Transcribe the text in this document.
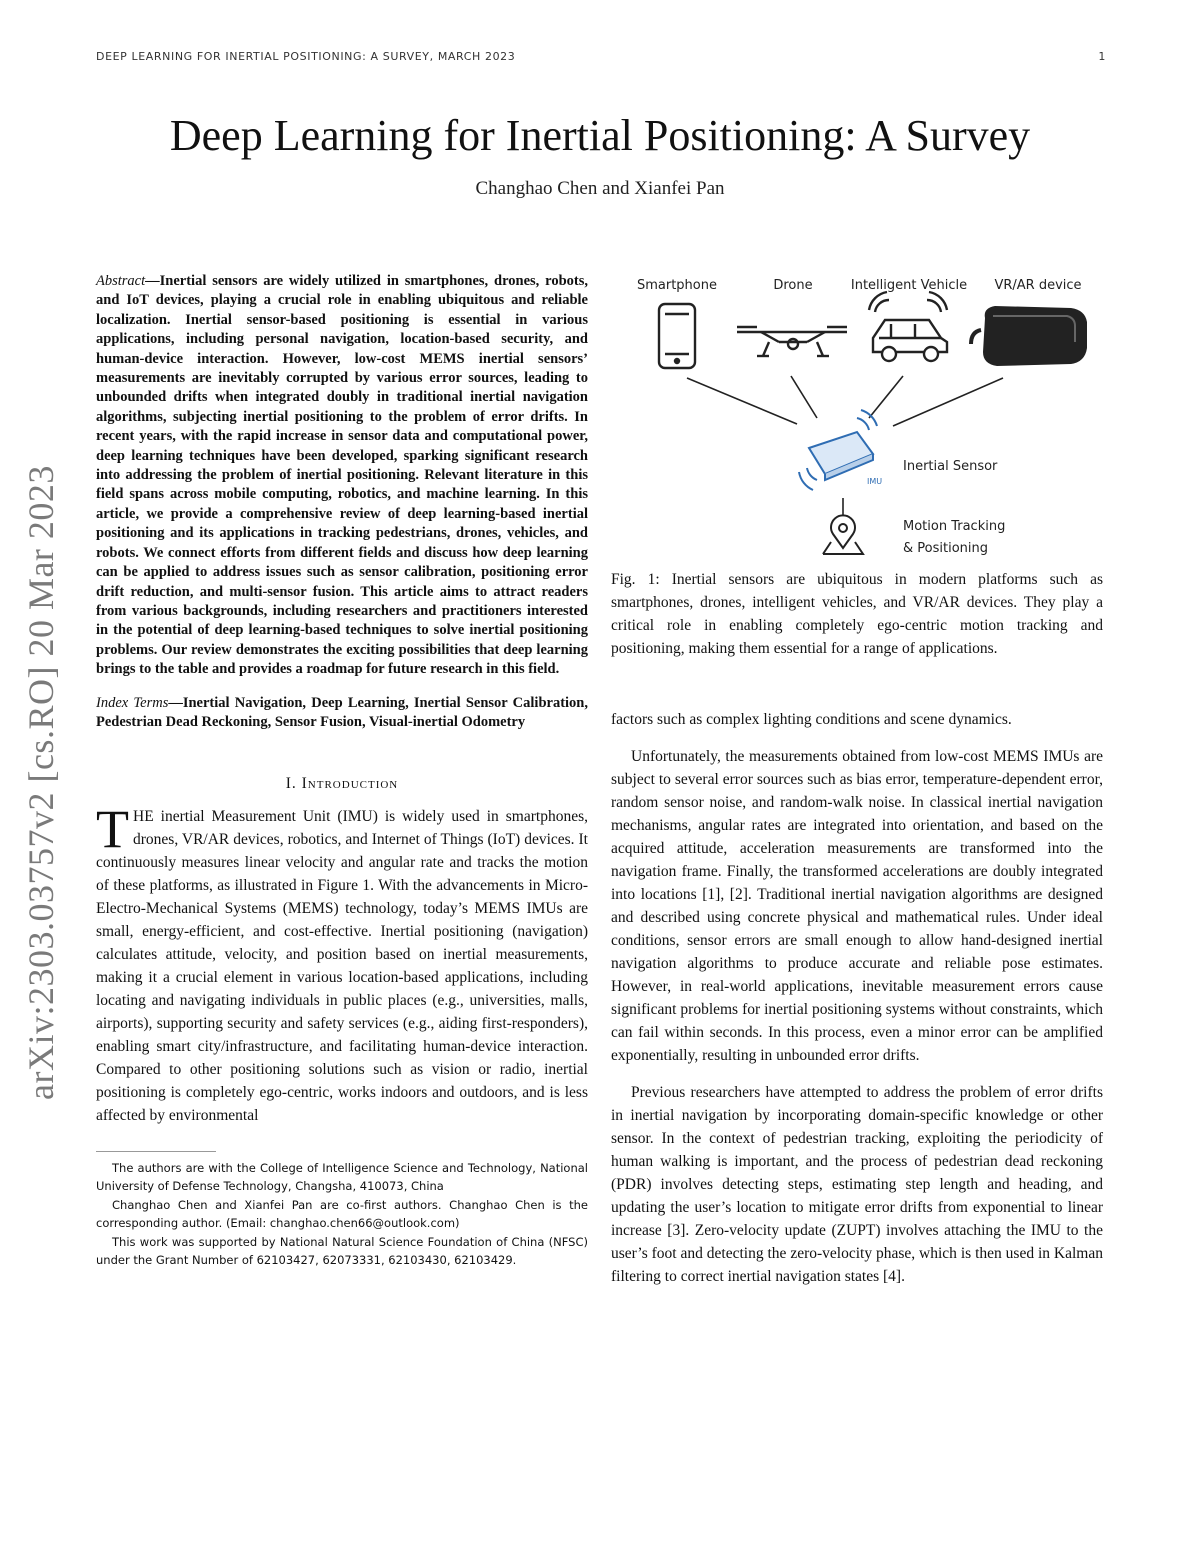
DEEP LEARNING FOR INERTIAL POSITIONING: A SURVEY, MARCH 2023	1
Deep Learning for Inertial Positioning: A Survey
Changhao Chen and Xianfei Pan
arXiv:2303.03757v2 [cs.RO] 20 Mar 2023

Abstract—Inertial sensors are widely utilized in smartphones, drones, robots, and IoT devices, playing a crucial role in enabling ubiquitous and reliable localization. Inertial sensor-based positioning is essential in various applications, including personal navigation, location-based security, and human-device interaction. However, low-cost MEMS inertial sensors’ measurements are inevitably corrupted by various error sources, leading to unbounded drifts when integrated doubly in traditional inertial navigation algorithms, subjecting inertial positioning to the problem of error drifts. In recent years, with the rapid increase in sensor data and computational power, deep learning techniques have been developed, sparking significant research into addressing the problem of inertial positioning. Relevant literature in this field spans across mobile computing, robotics, and machine learning. In this article, we provide a comprehensive review of deep learning-based inertial positioning and its applications in tracking pedestrians, drones, vehicles, and robots. We connect efforts from different fields and discuss how deep learning can be applied to address issues such as sensor calibration, positioning error drift reduction, and multi-sensor fusion. This article aims to attract readers from various backgrounds, including researchers and practitioners interested in the potential of deep learning-based techniques to solve inertial positioning problems. Our review demonstrates the exciting possibilities that deep learning brings to the table and provides a roadmap for future research in this field.

Index Terms—Inertial Navigation, Deep Learning, Inertial Sensor Calibration, Pedestrian Dead Reckoning, Sensor Fusion, Visual-inertial Odometry

I. Introduction

THE inertial Measurement Unit (IMU) is widely used in smartphones, drones, VR/AR devices, robotics, and Internet of Things (IoT) devices. It continuously measures linear velocity and angular rate and tracks the motion of these platforms, as illustrated in Figure 1. With the advancements in Micro-Electro-Mechanical Systems (MEMS) technology, today’s MEMS IMUs are small, energy-efficient, and cost-effective. Inertial positioning (navigation) calculates attitude, velocity, and position based on inertial measurements, making it a crucial element in various location-based applications, including locating and navigating individuals in public places (e.g., universities, malls, airports), supporting security and safety services (e.g., aiding first-responders), enabling smart city/infrastructure, and facilitating human-device interaction. Compared to other positioning solutions such as vision or radio, inertial positioning is completely ego-centric, works indoors and outdoors, and is less affected by environmental

The authors are with the College of Intelligence Science and Technology, National University of Defense Technology, Changsha, 410073, China

Changhao Chen and Xianfei Pan are co-first authors. Changhao Chen is the corresponding author. (Email: changhao.chen66@outlook.com)

This work was supported by National Natural Science Foundation of China (NFSC) under the Grant Number of 62103427, 62073331, 62103430, 62103429.

Smartphone	Drone	Intelligent Vehicle VR/AR device
IMU
Inertial Sensor
Motion Tracking
& Positioning

Fig. 1: Inertial sensors are ubiquitous in modern platforms such as smartphones, drones, intelligent vehicles, and VR/AR devices. They play a critical role in enabling completely ego-centric motion tracking and positioning, making them essential for a range of applications.

factors such as complex lighting conditions and scene dynamics.

Unfortunately, the measurements obtained from low-cost MEMS IMUs are subject to several error sources such as bias error, temperature-dependent error, random sensor noise, and random-walk noise. In classical inertial navigation mechanisms, angular rates are integrated into orientation, and based on the acquired attitude, acceleration measurements are transformed into the navigation frame. Finally, the transformed accelerations are doubly integrated into locations [1], [2]. Traditional inertial navigation algorithms are designed and described using concrete physical and mathematical rules. Under ideal conditions, sensor errors are small enough to allow hand-designed inertial navigation algorithms to produce accurate and reliable pose estimates. However, in real-world applications, inevitable measurement errors cause significant problems for inertial positioning systems without constraints, which can fail within seconds. In this process, even a minor error can be amplified exponentially, resulting in unbounded error drifts.

Previous researchers have attempted to address the problem of error drifts in inertial navigation by incorporating domain-specific knowledge or other sensor. In the context of pedestrian tracking, exploiting the periodicity of human walking is important, and the process of pedestrian dead reckoning (PDR) involves detecting steps, estimating step length and heading, and updating the user’s location to mitigate error drifts from exponential to linear increase [3]. Zero-velocity update (ZUPT) involves attaching the IMU to the user’s foot and detecting the zero-velocity phase, which is then used in Kalman filtering to correct inertial navigation states [4].
